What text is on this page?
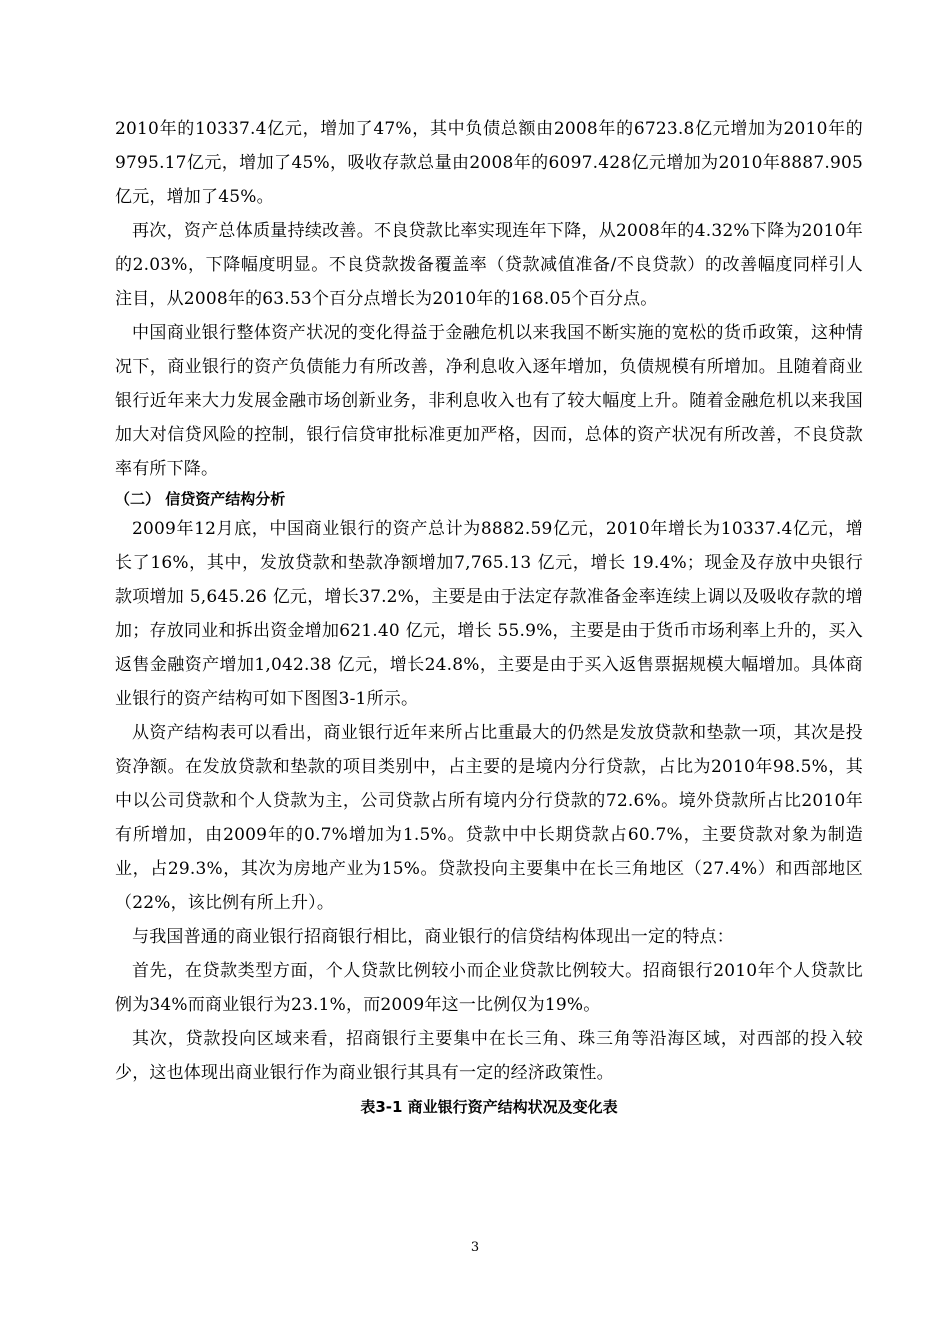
2010年的10337.4亿元，增加了47%，其中负债总额由2008年的6723.8亿元增加为2010年的9795.17亿元，增加了45%，吸收存款总量由2008年的6097.428亿元增加为2010年8887.905亿元，增加了45%。

再次，资产总体质量持续改善。不良贷款比率实现连年下降，从2008年的4.32%下降为2010年的2.03%，下降幅度明显。不良贷款拨备覆盖率（贷款减值准备/不良贷款）的改善幅度同样引人注目，从2008年的63.53个百分点增长为2010年的168.05个百分点。

中国商业银行整体资产状况的变化得益于金融危机以来我国不断实施的宽松的货币政策，这种情况下，商业银行的资产负债能力有所改善，净利息收入逐年增加，负债规模有所增加。且随着商业银行近年来大力发展金融市场创新业务，非利息收入也有了较大幅度上升。随着金融危机以来我国加大对信贷风险的控制，银行信贷审批标准更加严格，因而，总体的资产状况有所改善，不良贷款率有所下降。

（二） 信贷资产结构分析

2009年12月底，中国商业银行的资产总计为8882.59亿元，2010年增长为10337.4亿元，增长了16%，其中，发放贷款和垫款净额增加7,765.13 亿元，增长 19.4%；现金及存放中央银行款项增加 5,645.26 亿元，增长37.2%，主要是由于法定存款准备金率连续上调以及吸收存款的增加；存放同业和拆出资金增加621.40 亿元，增长 55.9%，主要是由于货币市场利率上升的，买入返售金融资产增加1,042.38 亿元，增长24.8%，主要是由于买入返售票据规模大幅增加。具体商业银行的资产结构可如下图图3-1所示。

从资产结构表可以看出，商业银行近年来所占比重最大的仍然是发放贷款和垫款一项，其次是投资净额。在发放贷款和垫款的项目类别中，占主要的是境内分行贷款，占比为2010年98.5%，其中以公司贷款和个人贷款为主，公司贷款占所有境内分行贷款的72.6%。境外贷款所占比2010年有所增加，由2009年的0.7%增加为1.5%。贷款中中长期贷款占60.7%，主要贷款对象为制造业，占29.3%，其次为房地产业为15%。贷款投向主要集中在长三角地区（27.4%）和西部地区（22%，该比例有所上升）。

与我国普通的商业银行招商银行相比，商业银行的信贷结构体现出一定的特点：

首先，在贷款类型方面，个人贷款比例较小而企业贷款比例较大。招商银行2010年个人贷款比例为34%而商业银行为23.1%，而2009年这一比例仅为19%。

其次，贷款投向区域来看，招商银行主要集中在长三角、珠三角等沿海区域，对西部的投入较少，这也体现出商业银行作为商业银行其具有一定的经济政策性。

表3-1 商业银行资产结构状况及变化表

3
